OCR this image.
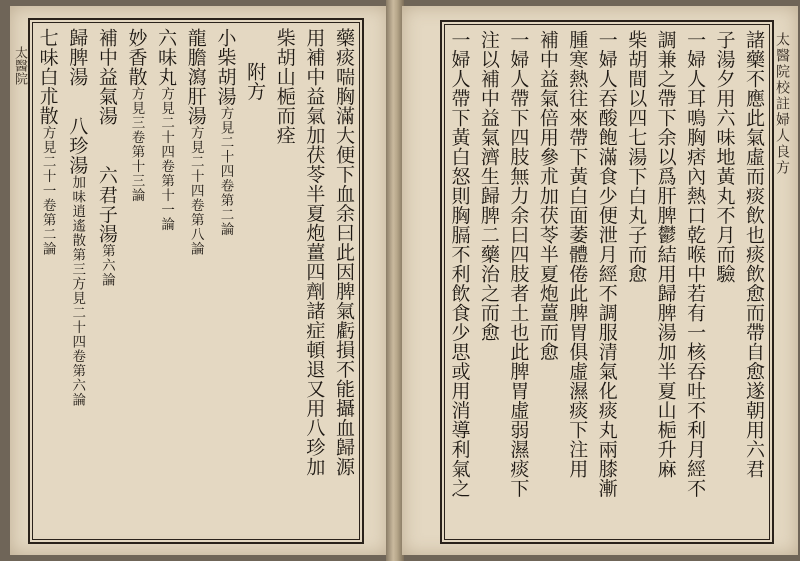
太醫院	藥痰喘胸滿大便下血余曰此因脾氣虧損不能攝血歸源
用補中益氣加茯苓半夏炮薑四劑諸症頓退又用八珍加
柴胡山梔而痊
附方
小柴胡湯方見二十四卷第二論
龍膽瀉肝湯方見二十四卷第八論
六味丸方見二十四卷第十一論
妙香散方見三卷第十三論
補中益氣湯六君子湯第六論
歸脾湯八珍湯加味逍遙散第三方見二十四卷第六論
七味白朮散方見二十一卷第二論
太醫院校註婦人良方
諸藥不應此氣虛而痰飲也痰飲愈而帶自愈遂朝用六君
子湯夕用六味地黃丸不月而驗
一婦人耳鳴胸痞內熱口乾喉中若有一核吞吐不利月經不
調兼之帶下余以爲肝脾鬱結用歸脾湯加半夏山梔升麻
柴胡間以四七湯下白丸子而愈
一婦人吞酸飽滿食少便泄月經不調服清氣化痰丸兩膝漸
腫寒熱往來帶下黃白面萎體倦此脾胃俱虛濕痰下注用
補中益氣倍用參朮加茯苓半夏炮薑而愈
一婦人帶下四肢無力余曰四肢者土也此脾胃虛弱濕痰下
注以補中益氣濟生歸脾二藥治之而愈
一婦人帶下黃白怒則胸膈不利飲食少思或用消導利氣之
